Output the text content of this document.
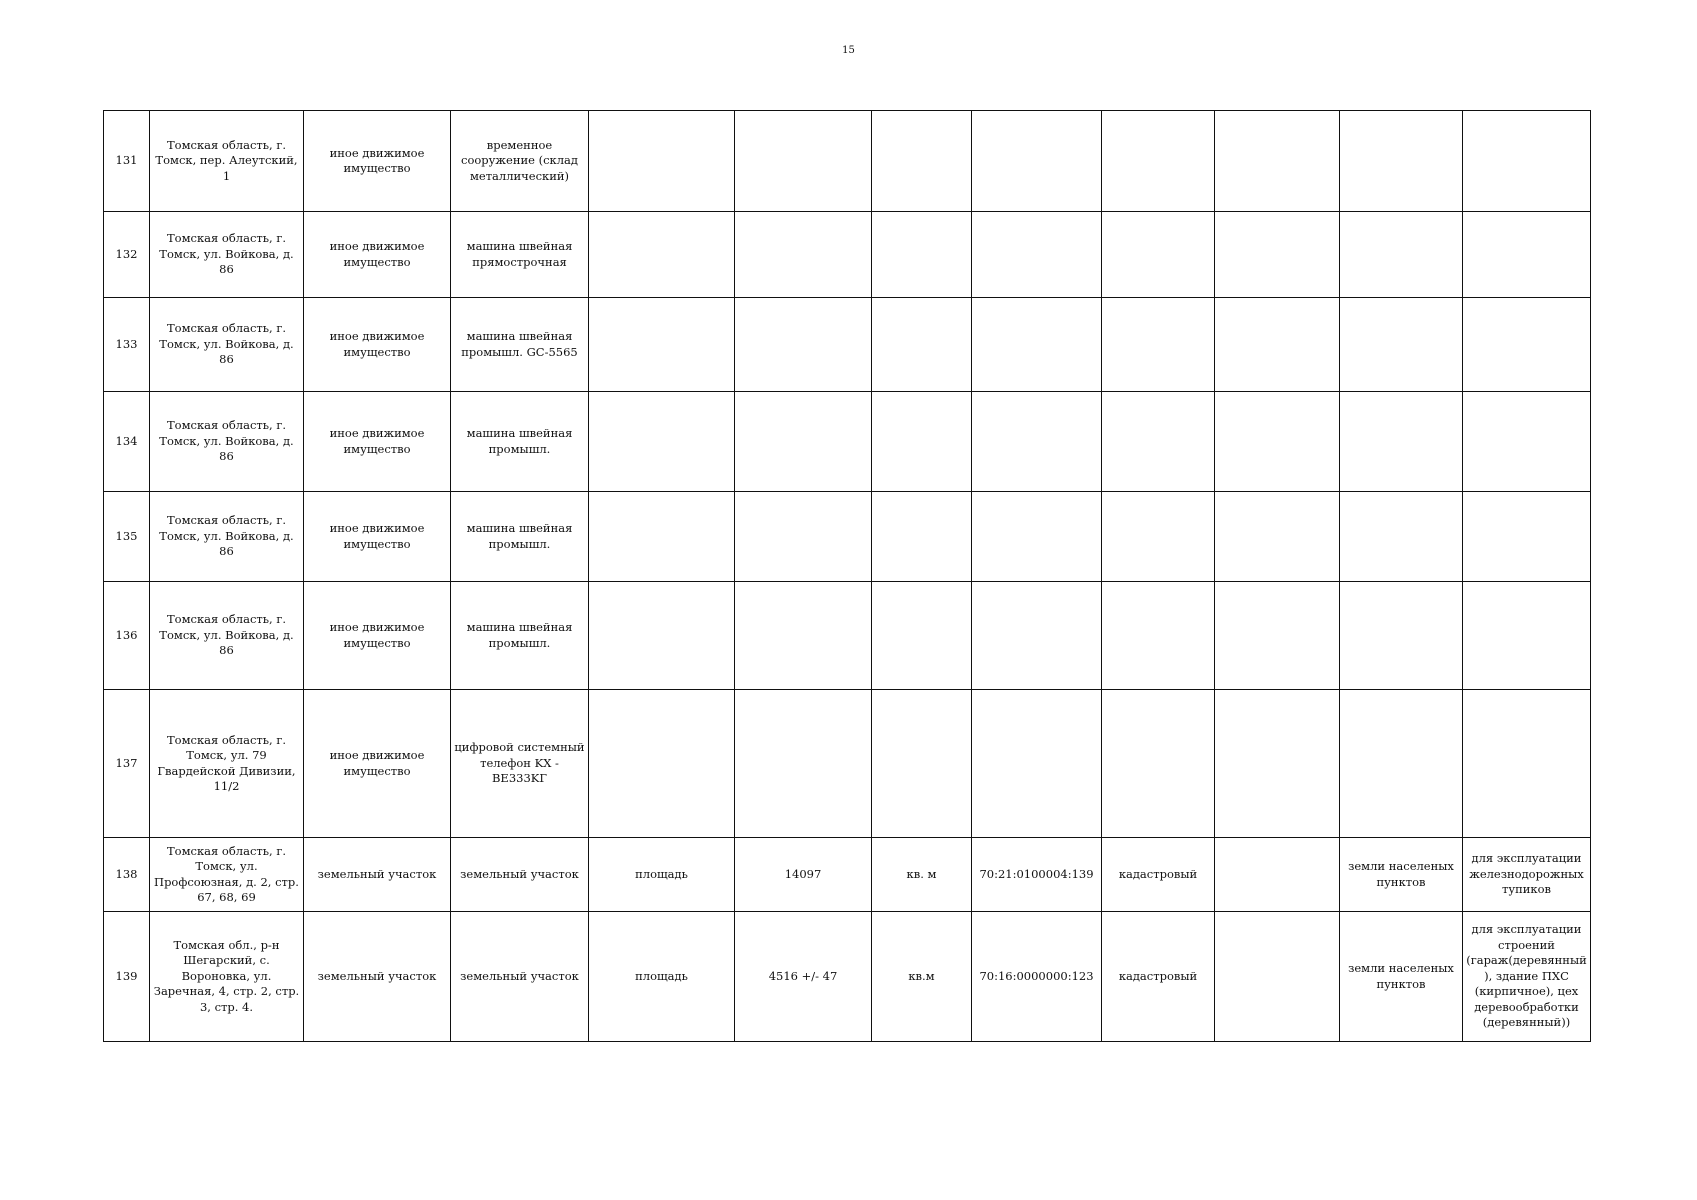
15
131	Томская область, г. Томск, пер. Алеутский, 1	иное движимое имущество	временное сооружение (склад металлический)								
132	Томская область, г. Томск, ул. Войкова, д. 86	иное движимое имущество	машина швейная прямострочная								
133	Томская область, г. Томск, ул. Войкова, д. 86	иное движимое имущество	машина швейная промышл. GC-5565								
134	Томская область, г. Томск, ул. Войкова, д. 86	иное движимое имущество	машина швейная промышл.								
135	Томская область, г. Томск, ул. Войкова, д. 86	иное движимое имущество	машина швейная промышл.								
136	Томская область, г. Томск, ул. Войкова, д. 86	иное движимое имущество	машина швейная промышл.								
137	Томская область, г. Томск, ул. 79 Гвардейской Дивизии, 11/2	иное движимое имущество	цифровой системный телефон KX - BE333KГ								
138	Томская область, г. Томск, ул. Профсоюзная, д. 2, стр. 67, 68, 69	земельный участок	земельный участок	площадь	14097	кв. м	70:21:0100004:139	кадастровый		земли населеных пунктов	для эксплуатации железнодорожных тупиков
139	Томская обл., р-н Шегарский, с. Вороновка, ул. Заречная, 4, стр. 2, стр. 3, стр. 4.	земельный участок	земельный участок	площадь	4516 +/- 47	кв.м	70:16:0000000:123	кадастровый		земли населеных пунктов	для эксплуатации строений (гараж(деревянный), здание ПХС (кирпичное), цех деревообработки (деревянный))
